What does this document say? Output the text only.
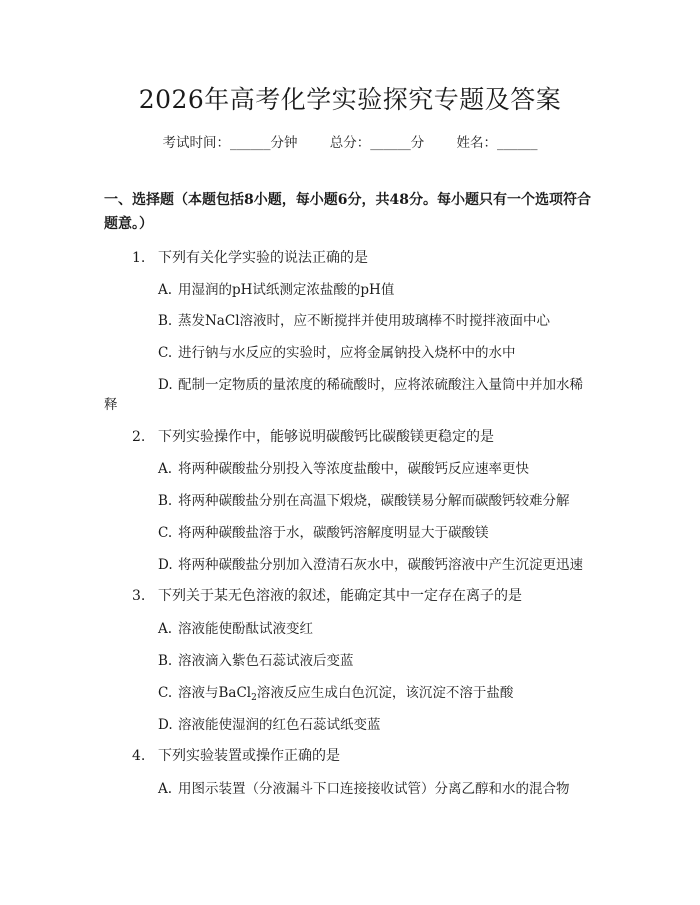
2026年高考化学实验探究专题及答案
考试时间：______分钟 总分：______分 姓名：______
一、选择题（本题包括8小题，每小题6分，共48分。每小题只有一个选项符合题意。）
1. 下列有关化学实验的说法正确的是
A. 用湿润的pH试纸测定浓盐酸的pH值
B. 蒸发NaCl溶液时，应不断搅拌并使用玻璃棒不时搅拌液面中心
C. 进行钠与水反应的实验时，应将金属钠投入烧杯中的水中
D. 配制一定物质的量浓度的稀硫酸时，应将浓硫酸注入量筒中并加水稀
释
2. 下列实验操作中，能够说明碳酸钙比碳酸镁更稳定的是
A. 将两种碳酸盐分别投入等浓度盐酸中，碳酸钙反应速率更快
B. 将两种碳酸盐分别在高温下煅烧，碳酸镁易分解而碳酸钙较难分解
C. 将两种碳酸盐溶于水，碳酸钙溶解度明显大于碳酸镁
D. 将两种碳酸盐分别加入澄清石灰水中，碳酸钙溶液中产生沉淀更迅速
3. 下列关于某无色溶液的叙述，能确定其中一定存在离子的是
A. 溶液能使酚酞试液变红
B. 溶液滴入紫色石蕊试液后变蓝
C. 溶液与BaCl$_2$溶液反应生成白色沉淀，该沉淀不溶于盐酸
D. 溶液能使湿润的红色石蕊试纸变蓝
4. 下列实验装置或操作正确的是
A. 用图示装置（分液漏斗下口连接接收试管）分离乙醇和水的混合物
